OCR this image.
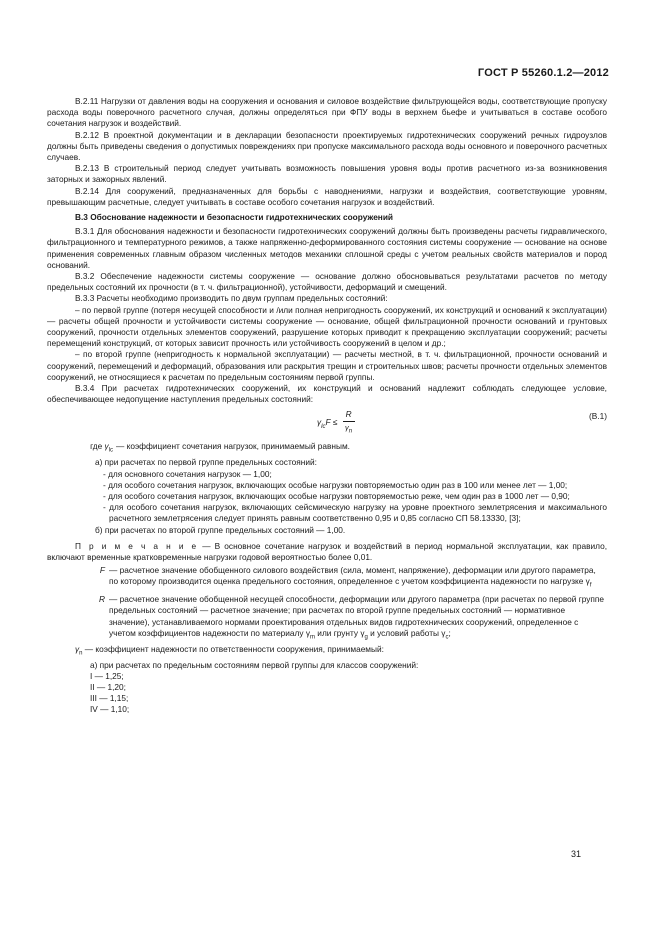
ГОСТ Р 55260.1.2—2012

В.2.11 Нагрузки от давления воды на сооружения и основания и силовое воздействие фильтрующейся воды, соответствующие пропуску расхода воды поверочного расчетного случая, должны определяться при ФПУ воды в верхнем бьефе и учитываться в составе особого сочетания нагрузок и воздействий.

В.2.12 В проектной документации и в декларации безопасности проектируемых гидротехнических сооружений речных гидроузлов должны быть приведены сведения о допустимых повреждениях при пропуске максимального расхода воды основного и поверочного расчетных случаев.

В.2.13 В строительный период следует учитывать возможность повышения уровня воды против расчетного из-за возникновения заторных и зажорных явлений.

В.2.14 Для сооружений, предназначенных для борьбы с наводнениями, нагрузки и воздействия, соответствующие уровням, превышающим расчетные, следует учитывать в составе особого сочетания нагрузок и воздействий.

В.3 Обоснование надежности и безопасности гидротехнических сооружений

В.3.1 Для обоснования надежности и безопасности гидротехнических сооружений должны быть произведены расчеты гидравлического, фильтрационного и температурного режимов, а также напряженно-деформированного состояния системы сооружение — основание на основе применения современных главным образом численных методов механики сплошной среды с учетом реальных свойств материалов и пород оснований.

В.3.2 Обеспечение надежности системы сооружение — основание должно обосновываться результатами расчетов по методу предельных состояний их прочности (в т. ч. фильтрационной), устойчивости, деформаций и смещений.

В.3.3 Расчеты необходимо производить по двум группам предельных состояний:

– по первой группе (потеря несущей способности и /или полная непригодность сооружений, их конструкций и оснований к эксплуатации) — расчеты общей прочности и устойчивости системы сооружение — основание, общей фильтрационной прочности оснований и грунтовых сооружений, прочности отдельных элементов сооружений, разрушение которых приводит к прекращению эксплуатации сооружений; расчеты перемещений конструкций, от которых зависит прочность или устойчивость сооружений в целом и др.;

– по второй группе (непригодность к нормальной эксплуатации) — расчеты местной, в т. ч. фильтрационной, прочности оснований и сооружений, перемещений и деформаций, образования или раскрытия трещин и строительных швов; расчеты прочности отдельных элементов сооружений, не относящиеся к расчетам по предельным состояниям первой группы.

В.3.4 При расчетах гидротехнических сооружений, их конструкций и оснований надлежит соблюдать следующее условие, обеспечивающее недопущение наступления предельных состояний:

$\gamma_{lc}F \le \frac{R}{\gamma_n}$	(В.1)
где $\gamma_{lc}$ — коэффициент сочетания нагрузок, принимаемый равным.

а) при расчетах по первой группе предельных состояний:

- для основного сочетания нагрузок — 1,00;

- для особого сочетания нагрузок, включающих особые нагрузки повторяемостью один раз в 100 или менее лет — 1,00;

- для особого сочетания нагрузок, включающих особые нагрузки повторяемостью реже, чем один раз в 1000 лет — 0,90;

- для особого сочетания нагрузок, включающих сейсмическую нагрузку на уровне проектного землетрясения и максимального расчетного землетрясения следует принять равным соответственно 0,95 и 0,85 согласно СП 58.13330, [3];

б) при расчетах по второй группе предельных состояний — 1,00.

П р и м е ч а н и е — В основное сочетание нагрузок и воздействий в период нормальной эксплуатации, как правило, включают временные кратковременные нагрузки годовой вероятностью более 0,01.

F — расчетное значение обобщенного силового воздействия (сила, момент, напряжение), деформации или другого параметра, по которому производится оценка предельного состояния, определенное с учетом коэффициента надежности по нагрузке $\gamma_f$
R — расчетное значение обобщенной несущей способности, деформации или другого параметра (при расчетах по первой группе предельных состояний — расчетное значение; при расчетах по второй группе предельных состояний — нормативное значение), устанавливаемого нормами проектирования отдельных видов гидротехнических сооружений, определенное с учетом коэффициентов надежности по материалу $\gamma_m$ или грунту $\gamma_g$ и условий работы $\gamma_c$;

$\gamma_n$ — коэффициент надежности по ответственности сооружения, принимаемый:

а) при расчетах по предельным состояниям первой группы для классов сооружений:

I — 1,25;

II — 1,20;

III — 1,15;

IV — 1,10;

31
